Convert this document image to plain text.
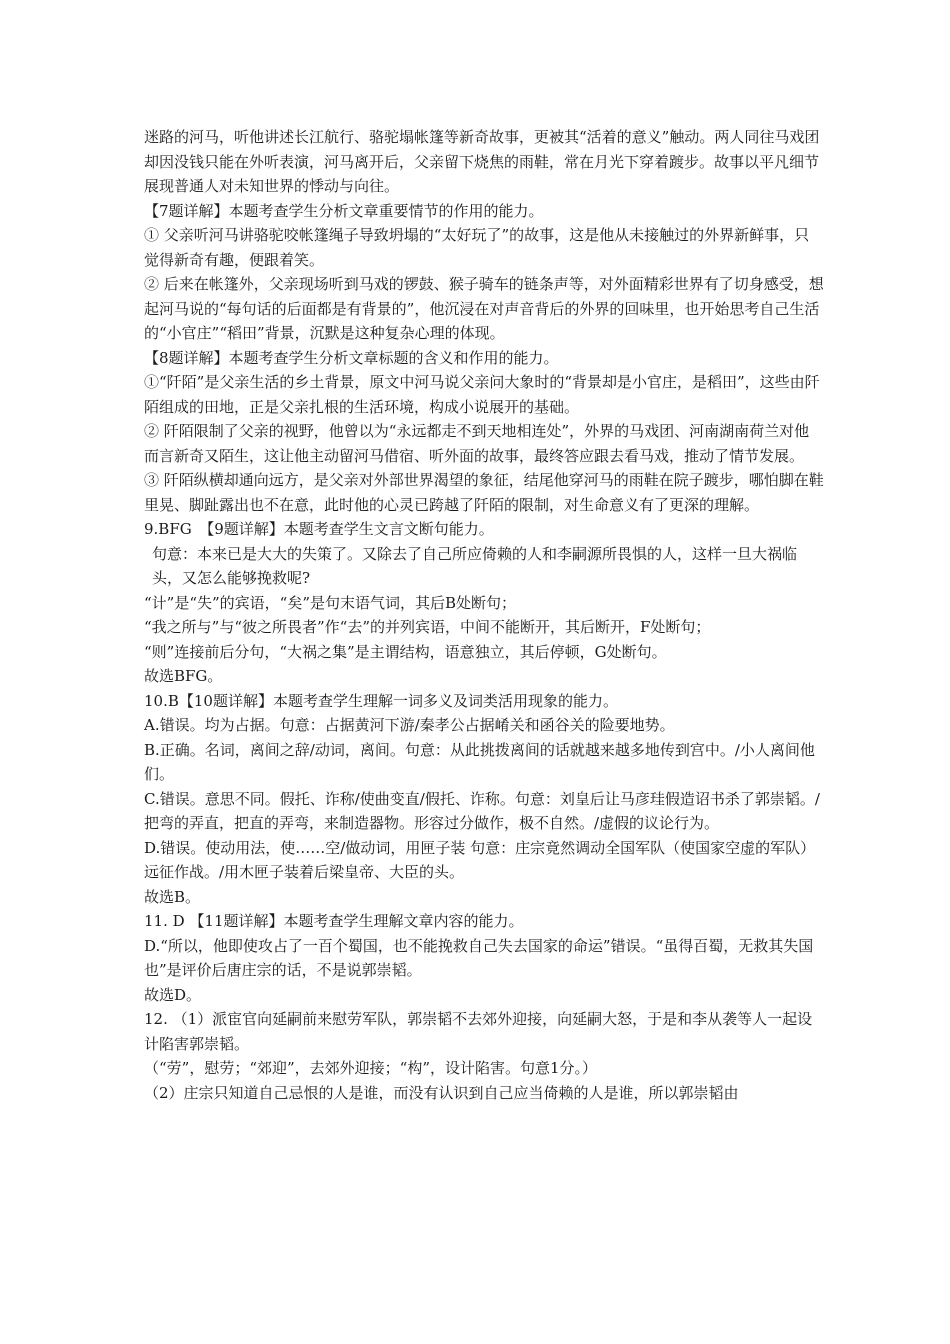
迷路的河马，听他讲述长江航行、骆驼塌帐篷等新奇故事，更被其“活着的意义”触动。两人同往马戏团却因没钱只能在外听表演，河马离开后，父亲留下烧焦的雨鞋，常在月光下穿着踱步。故事以平凡细节展现普通人对未知世界的悸动与向往。

【7题详解】本题考查学生分析文章重要情节的作用的能力。

① 父亲听河马讲骆驼咬帐篷绳子导致坍塌的“太好玩了”的故事，这是他从未接触过的外界新鲜事，只觉得新奇有趣，便跟着笑。

② 后来在帐篷外，父亲现场听到马戏的锣鼓、猴子骑车的链条声等，对外面精彩世界有了切身感受，想起河马说的“每句话的后面都是有背景的”，他沉浸在对声音背后的外界的回味里，也开始思考自己生活的“小官庄”“稻田”背景，沉默是这种复杂心理的体现。

【8题详解】本题考查学生分析文章标题的含义和作用的能力。

①“阡陌”是父亲生活的乡土背景，原文中河马说父亲问大象时的“背景却是小官庄，是稻田”，这些由阡陌组成的田地，正是父亲扎根的生活环境，构成小说展开的基础。

② 阡陌限制了父亲的视野，他曾以为“永远都走不到天地相连处”，外界的马戏团、河南湖南荷兰对他而言新奇又陌生，这让他主动留河马借宿、听外面的故事，最终答应跟去看马戏，推动了情节发展。

③ 阡陌纵横却通向远方，是父亲对外部世界渴望的象征，结尾他穿河马的雨鞋在院子踱步，哪怕脚在鞋里晃、脚趾露出也不在意，此时他的心灵已跨越了阡陌的限制，对生命意义有了更深的理解。

9.BFG　【9题详解】本题考查学生文言文断句能力。

句意：本来已是大大的失策了。又除去了自己所应倚赖的人和李嗣源所畏惧的人，这样一旦大祸临头，又怎么能够挽救呢?

“计”是“失”的宾语，“矣”是句末语气词，其后B处断句；

“我之所与”与“彼之所畏者”作“去”的并列宾语，中间不能断开，其后断开，F处断句；

“则”连接前后分句，“大祸之集”是主谓结构，语意独立，其后停顿，G处断句。

故选BFG。

10.B【10题详解】本题考查学生理解一词多义及词类活用现象的能力。

A.错误。均为占据。句意：占据黄河下游/秦孝公占据崤关和函谷关的险要地势。

B.正确。名词，离间之辞/动词，离间。句意：从此挑拨离间的话就越来越多地传到宫中。/小人离间他们。

C.错误。意思不同。假托、诈称/使曲变直/假托、诈称。句意：刘皇后让马彦珪假造诏书杀了郭崇韬。/把弯的弄直，把直的弄弯，来制造器物。形容过分做作，极不自然。/虚假的议论行为。

D.错误。使动用法，使……空/做动词，用匣子装 句意：庄宗竟然调动全国军队（使国家空虚的军队）远征作战。/用木匣子装着后梁皇帝、大臣的头。

故选B。

11. D 【11题详解】本题考查学生理解文章内容的能力。

D.“所以，他即使攻占了一百个蜀国，也不能挽救自己失去国家的命运”错误。“虽得百蜀，无救其失国也”是评价后唐庄宗的话，不是说郭崇韬。

故选D。

12. （1）派宦官向延嗣前来慰劳军队，郭崇韬不去郊外迎接，向延嗣大怒，于是和李从袭等人一起设计陷害郭崇韬。

（“劳”，慰劳；“郊迎”，去郊外迎接；“构”，设计陷害。句意1分。）

（2）庄宗只知道自己忌恨的人是谁，而没有认识到自己应当倚赖的人是谁，所以郭崇韬由
